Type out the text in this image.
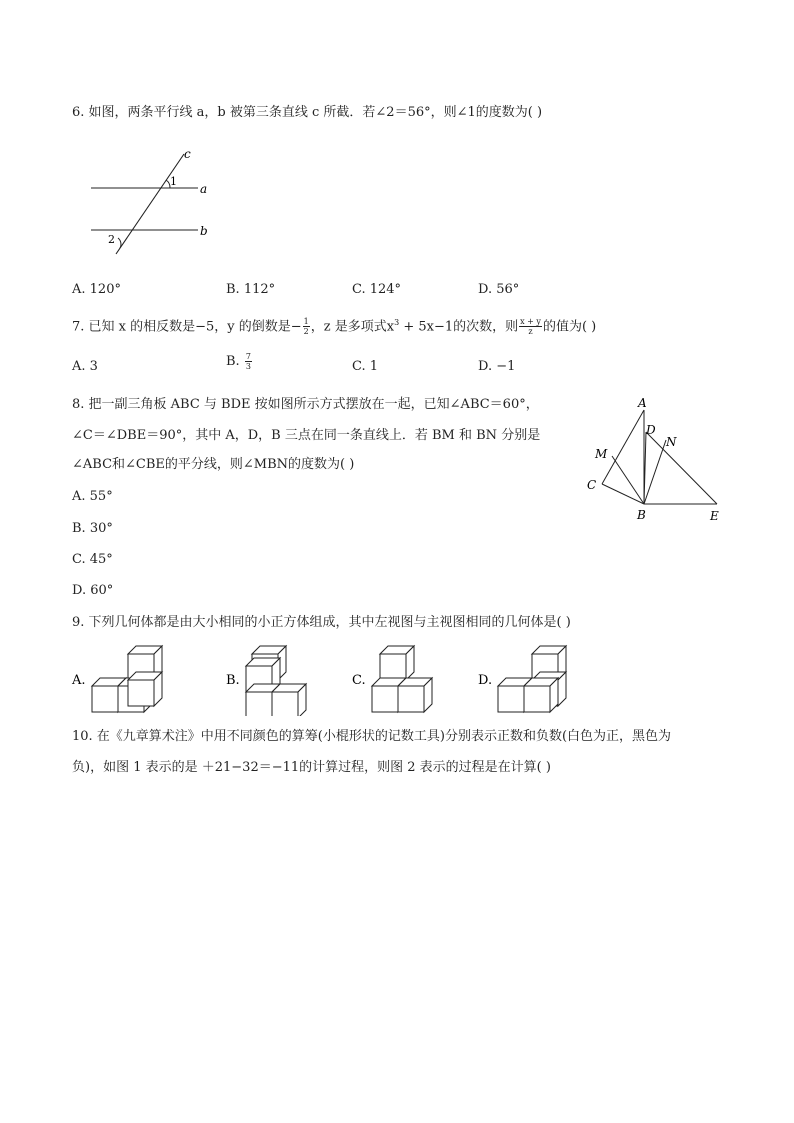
6. 如图，两条平行线 a，b 被第三条直线 c 所截．若∠2＝56°，则∠1的度数为( )
c
a
b
1
2
A. 120°	B. 112°	C. 124°	D. 56°
7. 已知 x 的相反数是−5，y 的倒数是− $\frac{1}{2}$ ，z 是多项式$x^3 + 5x-1$的次数，则 $\frac{x + y}{z}$ 的值为( )
A. 3	B. $\frac{7}{3}$	C. 1	D. −1
8. 把一副三角板 ABC 与 BDE 按如图所示方式摆放在一起，已知∠ABC＝60°，
∠C＝∠DBE＝90°，其中 A，D，B 三点在同一条直线上．若 BM 和 BN 分别是
∠ABC和∠CBE的平分线，则∠MBN的度数为( )
A. 55°
B. 30°
C. 45°
D. 60°
A
D
N
M
C
B	E
9. 下列几何体都是由大小相同的小正方体组成，其中左视图与主视图相同的几何体是( )
A.	B.	C.	D.
10. 在《九章算术注》中用不同颜色的算筹(小棍形状的记数工具)分别表示正数和负数(白色为正，黑色为
负)，如图 1 表示的是 ＋21−32＝−11的计算过程，则图 2 表示的过程是在计算( )
